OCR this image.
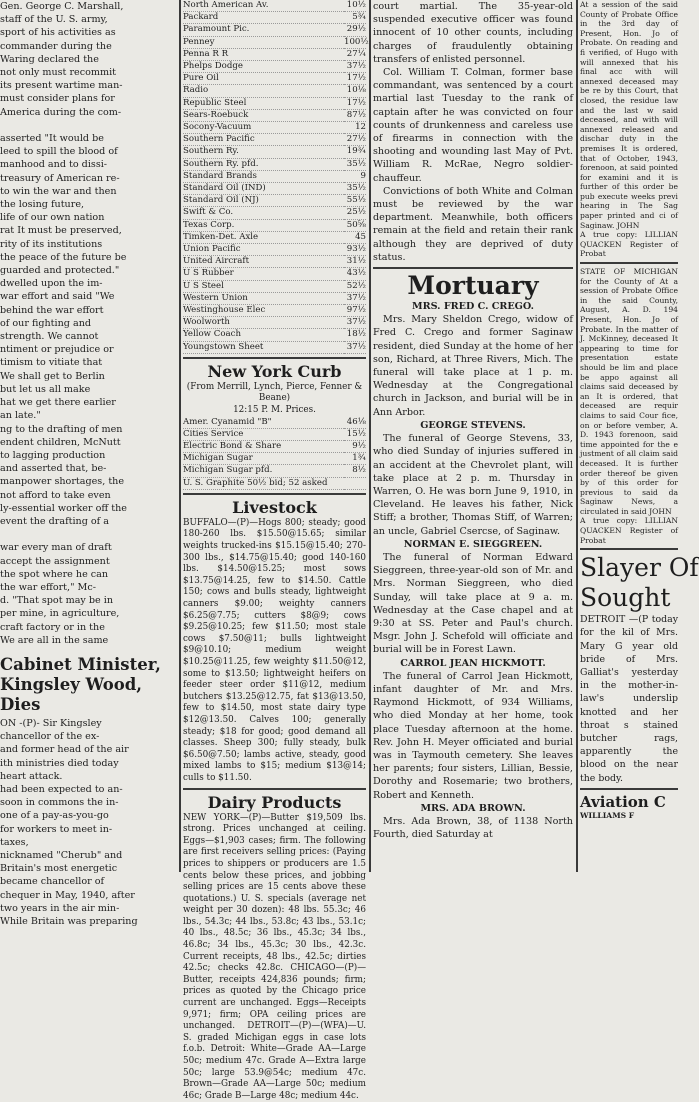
Gen. George C. Marshall,
staff of the U. S. army,
sport of his activities as
commander during the
Waring declared the
not only must recommit
its present wartime man-
must consider plans for
America during the com-

asserted "It would be
leed to spill the blood of
manhood and to dissi-
treasury of American re-
to win the war and then
the losing future,
life of our own nation
rat It must be preserved,
rity of its institutions
the peace of the future be
guarded and protected."
dwelled upon the im-
war effort and said "We
behind the war effort
of our fighting and
strength. We cannot
ntiment or prejudice or
timism to vitiate that
We shall get to Berlin
but let us all make
hat we get there earlier
an late."
ng to the drafting of men
endent children, McNutt
to lagging production
and asserted that, be-
manpower shortages, the
not afford to take even
ly-essential worker off the
event the drafting of a

war every man of draft
accept the assignment
the spot where he can
the war effort," Mc-
d. "That spot may be in
per mine, in agriculture,
craft factory or in the
We are all in the same
Cabinet Minister,
Kingsley Wood, Dies
ON -(P)- Sir Kingsley
chancellor of the ex-
and former head of the air
ith ministries died today
heart attack.
had been expected to an-
soon in commons the in-
one of a pay-as-you-go
for workers to meet in-
taxes,
nicknamed "Cherub" and
Britain's most energetic
became chancellor of
chequer in May, 1940, after
two years in the air min-
While Britain was preparing
North American Av.
Packard
Paramount Pic.
Penney
Penna R R
Phelps Dodge
Pure Oil
Radio
Republic Steel
Sears-Roebuck
Socony-Vacuum
Southern Pacific
Southern Ry.
Southern Ry. pfd.
Standard Brands
Standard Oil (IND)
Standard Oil (NJ)
Swift & Co.
Texas Corp.
Timken-Det. Axle
Union Pacific
United Aircraft
U S Rubber
U S Steel
Western Union
Westinghouse Elec
Woolworth
Yellow Coach
Youngstown Sheet
10½
5¾
29½
100½
27¼
37½
17½
10⅛
17½
87½
12
27½
19¾
35½
9
35½
55½
25½
50⅝
45
93½
31½
43½
52½
37½
97½
37½
18½
37½
New York Curb
(From Merrill, Lynch, Pierce, Fenner & Beane)
12:15 P. M. Prices.
Amer. Cyanamid "B"
Cities Service
Electric Bond & Share
Michigan Sugar
Michigan Sugar pfd.
U. S. Graphite 50½ bid; 52 asked
46⅛
15½
9½
1¾
8½

Livestock
BUFFALO—(P)—Hogs 800; steady; good 180-260 lbs. $15.50@15.65; similar weights trucked-ins $15.15@15.40; 270-300 lbs., $14.75@15.40; good 140-160 lbs. $14.50@15.25; most sows $13.75@14.25, few to $14.50. Cattle 150; cows and bulls steady, lightweight canners $9.00; weighty canners $6.25@7.75; cutters $8@9; cows $9.25@10.25; few $11.50; most stale cows $7.50@11; bulls lightweight $9@10.10; medium weight $10.25@11.25, few weighty $11.50@12, some to $13.50; lightweight heifers on feeder steer order $11@12, medium butchers $13.25@12.75, fat $13@13.50, few to $14.50, most state dairy type $12@13.50. Calves 100; generally steady; $18 for good; good demand all classes. Sheep 300; fully steady, bulk $6.50@7.50; lambs active, steady, good mixed lambs to $15; medium $13@14; culls to $11.50.
Dairy Products
NEW YORK—(P)—Butter $19,509 lbs. strong. Prices unchanged at ceiling. Eggs—$1,903 cases; firm. The following are first receivers selling prices: (Paying prices to shippers or producers are 1.5 cents below these prices, and jobbing selling prices are 15 cents above these quotations.) U. S. specials (average net weight per 30 dozen): 48 lbs. 55.3c; 46 lbs., 54.3c; 44 lbs., 53.8c; 43 lbs., 53.1c; 40 lbs., 48.5c; 36 lbs., 45.3c; 34 lbs., 46.8c; 34 lbs., 45.3c; 30 lbs., 42.3c. Current receipts, 48 lbs., 42.5c; dirties 42.5c; checks 42.8c. CHICAGO—(P)—Butter, receipts 424,836 pounds; firm; prices as quoted by the Chicago price current are unchanged. Eggs—Receipts 9,971; firm; OPA ceiling prices are unchanged. DETROIT—(P)—(WFA)—U. S. graded Michigan eggs in case lots f.o.b. Detroit: White—Grade AA—Large 50c; medium 47c. Grade A—Extra large 50c; large 53.9@54c; medium 47c. Brown—Grade AA—Large 50c; medium 46c; Grade B—Large 48c; medium 44c.
court martial. The 35-year-old suspended executive officer was found innocent of 10 other counts, including charges of fraudulently obtaining transfers of enlisted personnel.
Col. William T. Colman, former base commandant, was sentenced by a court martial last Tuesday to the rank of captain after he was convicted on four counts of drunkenness and careless use of firearms in connection with the shooting and wounding last May of Pvt. William R. McRae, Negro soldier-chauffeur.
Convictions of both White and Colman must be reviewed by the war department. Meanwhile, both officers remain at the field and retain their rank although they are deprived of duty status.
Mortuary
MRS. FRED C. CREGO.
Mrs. Mary Sheldon Crego, widow of Fred C. Crego and former Saginaw resident, died Sunday at the home of her son, Richard, at Three Rivers, Mich. The funeral will take place at 1 p. m. Wednesday at the Congregational church in Jackson, and burial will be in Ann Arbor.
GEORGE STEVENS.
The funeral of George Stevens, 33, who died Sunday of injuries suffered in an accident at the Chevrolet plant, will take place at 2 p. m. Thursday in Warren, O. He was born June 9, 1910, in Cleveland. He leaves his father, Nick Stiff; a brother, Thomas Stiff, of Warren; an uncle, Gabriel Csercse, of Saginaw.
NORMAN E. SIEGGREEN.
The funeral of Norman Edward Sieggreen, three-year-old son of Mr. and Mrs. Norman Sieggreen, who died Sunday, will take place at 9 a. m. Wednesday at the Case chapel and at 9:30 at SS. Peter and Paul's church. Msgr. John J. Schefold will officiate and burial will be in Forest Lawn.
CARROL JEAN HICKMOTT.
The funeral of Carrol Jean Hickmott, infant daughter of Mr. and Mrs. Raymond Hickmott, of 934 Williams, who died Monday at her home, took place Tuesday afternoon at the home. Rev. John H. Meyer officiated and burial was in Taymouth cemetery. She leaves her parents; four sisters, Lillian, Bessie, Dorothy and Rosemarie; two brothers, Robert and Kenneth.
MRS. ADA BROWN.
Mrs. Ada Brown, 38, of 1138 North Fourth, died Saturday at
At a session of the said County of Probate Office in the 3rd day of Present, Hon. Jo of Probate. On reading and fi verified, of Hugo with will annexed that his final acc with will annexed deceased may be re by this Court, that closed, the residue law and the last w said deceased, and with will annexed released and dischar duty in the premises It is ordered, that of October, 1943, forenoon, at said pointed for examini and it is further of this order be pub execute weeks previ hearing in The Sag paper printed and ci of Saginaw. JOHN
A true copy: LILLIAN QUACKEN Register of Probat
STATE OF MICHIGAN for the County of At a session of Probate Office in the said County, August, A. D. 194 Present, Hon. Jo of Probate. In the matter of J. McKinney, deceased It appearing to time for presentation estate should be lim and place be appo against all claims said deceased by an It is ordered, that deceased are requir claims to said Cour fice, on or before vember, A. D. 1943 forenoon, said time appointed for the e justment of all claim said deceased. It is further order thereof be given by of this order for previous to said da Saginaw News, a circulated in said JOHN
A true copy: LILLIAN QUACKEN Register of Probat
Slayer Of
Sought
DETROIT —(P today for the kil of Mrs. Mary G year old bride of Mrs. Galliat's yesterday in the mother-in-law's underslip knotted and her throat s stained butcher rags, apparently the blood on the near the body.
Aviation C
WILLIAMS F
